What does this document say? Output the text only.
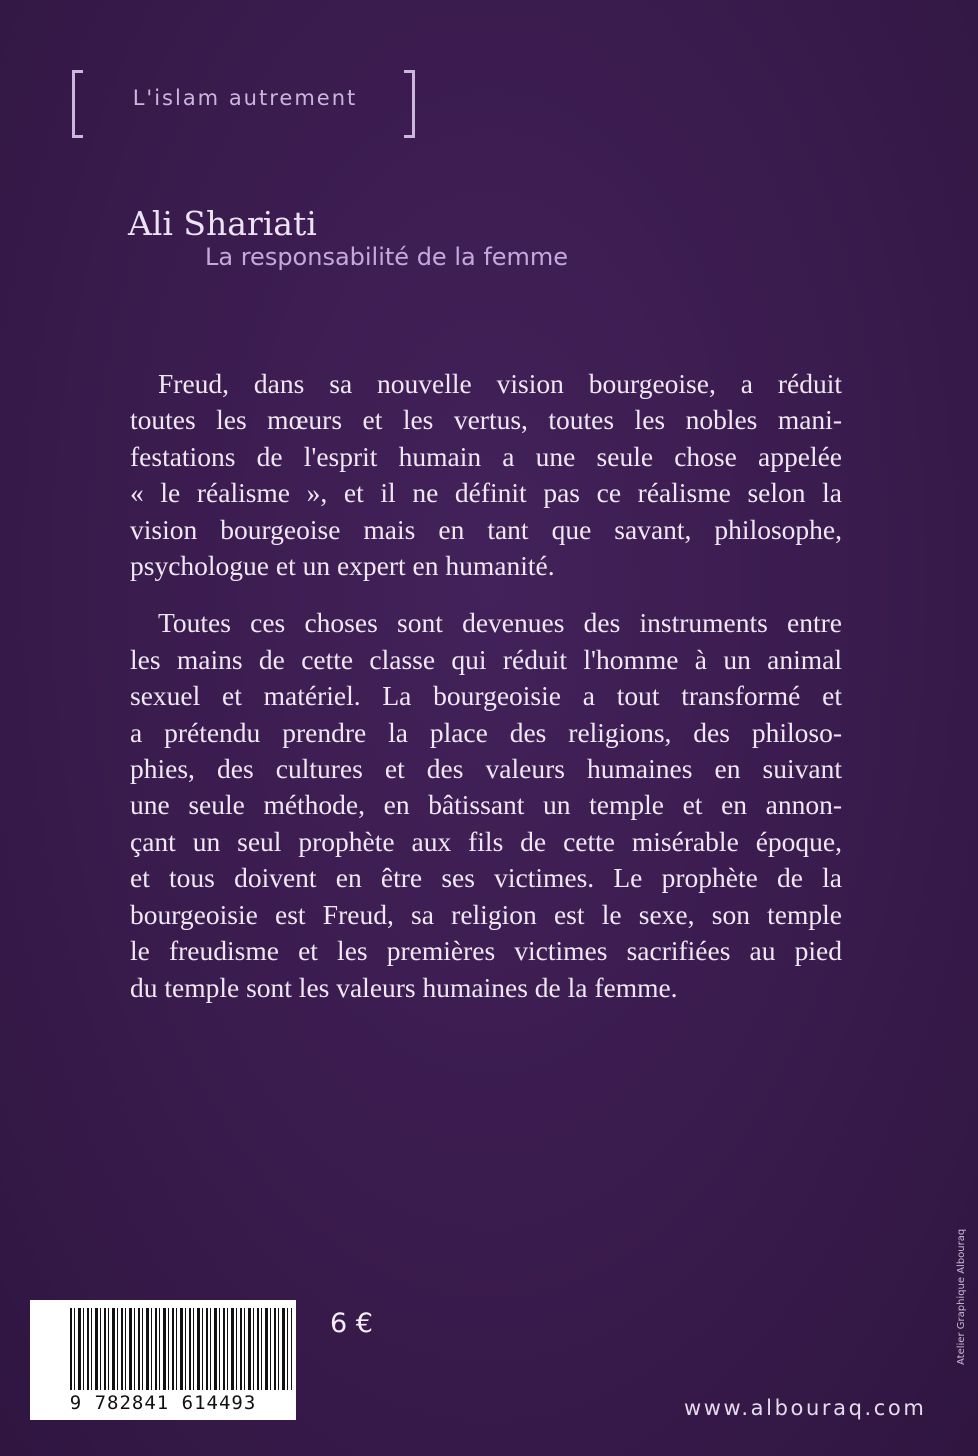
L'islam autrement
Ali Shariati
La responsabilité de la femme
Freud, dans sa nouvelle vision bourgeoise, a réduit
toutes les mœurs et les vertus, toutes les nobles mani-
festations de l'esprit humain a une seule chose appelée
« le réalisme », et il ne définit pas ce réalisme selon la
vision bourgeoise mais en tant que savant, philosophe,
psychologue et un expert en humanité.
Toutes ces choses sont devenues des instruments entre
les mains de cette classe qui réduit l'homme à un animal
sexuel et matériel. La bourgeoisie a tout transformé et
a prétendu prendre la place des religions, des philoso-
phies, des cultures et des valeurs humaines en suivant
une seule méthode, en bâtissant un temple et en annon-
çant un seul prophète aux fils de cette misérable époque,
et tous doivent en être ses victimes. Le prophète de la
bourgeoisie est Freud, sa religion est le sexe, son temple
le freudisme et les premières victimes sacrifiées au pied
du temple sont les valeurs humaines de la femme.
9 782841 614493
6 €
www.albouraq.com
Atelier Graphique Albouraq
